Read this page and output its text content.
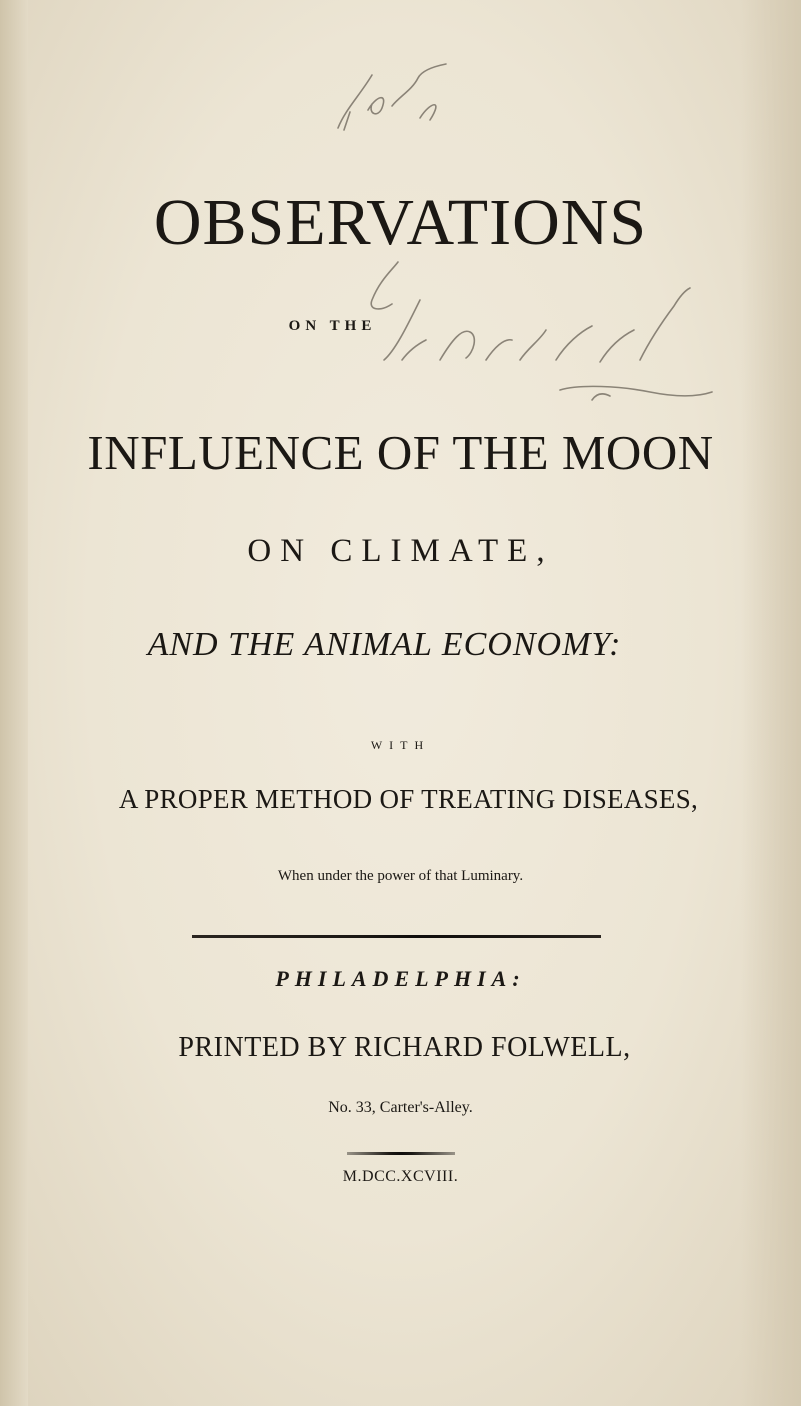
OBSERVATIONS
ON THE
INFLUENCE OF THE MOON
ON CLIMATE,
AND THE ANIMAL ECONOMY:
WITH
A PROPER METHOD OF TREATING DISEASES,
When under the power of that Luminary.
PHILADELPHIA:
PRINTED BY RICHARD FOLWELL,
No. 33, Carter's-Alley.
M.DCC.XCVIII.
